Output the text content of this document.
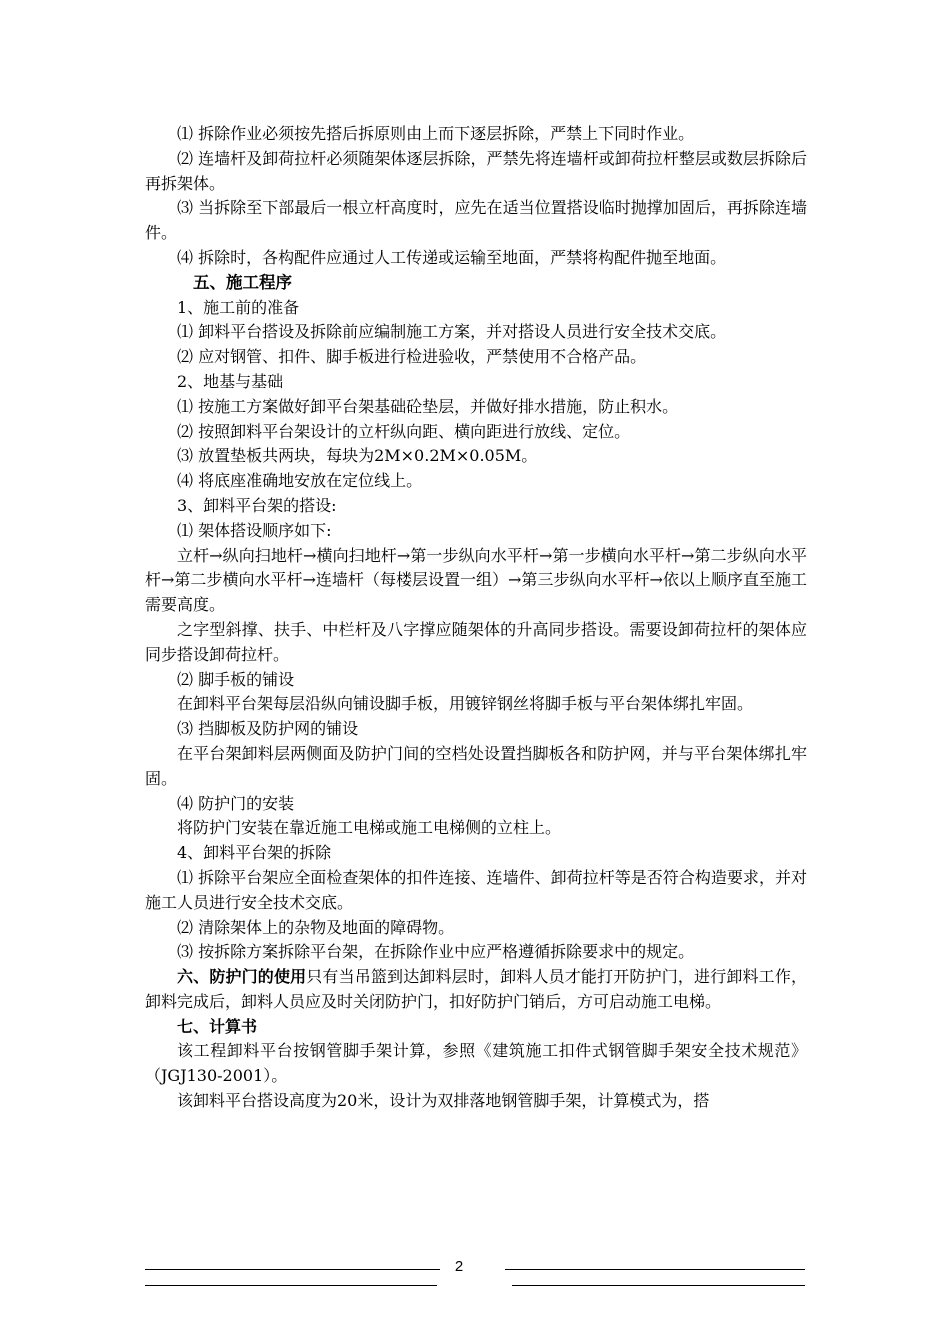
⑴ 拆除作业必须按先搭后拆原则由上而下逐层拆除，严禁上下同时作业。

⑵ 连墙杆及卸荷拉杆必须随架体逐层拆除，严禁先将连墙杆或卸荷拉杆整层或数层拆除后再拆架体。

⑶ 当拆除至下部最后一根立杆高度时，应先在适当位置搭设临时抛撑加固后，再拆除连墙件。

⑷ 拆除时，各构配件应通过人工传递或运输至地面，严禁将构配件抛至地面。

五、施工程序

1、施工前的准备

⑴ 卸料平台搭设及拆除前应编制施工方案，并对搭设人员进行安全技术交底。

⑵ 应对钢管、扣件、脚手板进行检进验收，严禁使用不合格产品。

2、地基与基础

⑴ 按施工方案做好卸平台架基础砼垫层，并做好排水措施，防止积水。

⑵ 按照卸料平台架设计的立杆纵向距、横向距进行放线、定位。

⑶ 放置垫板共两块，每块为2M×0.2M×0.05M。

⑷ 将底座准确地安放在定位线上。

3、卸料平台架的搭设:

⑴ 架体搭设顺序如下:

立杆→纵向扫地杆→横向扫地杆→第一步纵向水平杆→第一步横向水平杆→第二步纵向水平杆→第二步横向水平杆→连墙杆（每楼层设置一组）→第三步纵向水平杆→依以上顺序直至施工需要高度。

之字型斜撑、扶手、中栏杆及八字撑应随架体的升高同步搭设。需要设卸荷拉杆的架体应同步搭设卸荷拉杆。

⑵ 脚手板的铺设

在卸料平台架每层沿纵向铺设脚手板，用镀锌钢丝将脚手板与平台架体绑扎牢固。

⑶ 挡脚板及防护网的铺设

在平台架卸料层两侧面及防护门间的空档处设置挡脚板各和防护网，并与平台架体绑扎牢固。

⑷ 防护门的安装

将防护门安装在靠近施工电梯或施工电梯侧的立柱上。

4、卸料平台架的拆除

⑴ 拆除平台架应全面检查架体的扣件连接、连墙件、卸荷拉杆等是否符合构造要求，并对施工人员进行安全技术交底。

⑵ 清除架体上的杂物及地面的障碍物。

⑶ 按拆除方案拆除平台架，在拆除作业中应严格遵循拆除要求中的规定。

六、防护门的使用只有当吊篮到达卸料层时，卸料人员才能打开防护门，进行卸料工作，卸料完成后，卸料人员应及时关闭防护门，扣好防护门销后，方可启动施工电梯。

七、计算书

该工程卸料平台按钢管脚手架计算，参照《建筑施工扣件式钢管脚手架安全技术规范》（JGJ130-2001）。

该卸料平台搭设高度为20米，设计为双排落地钢管脚手架，计算模式为，搭

2
